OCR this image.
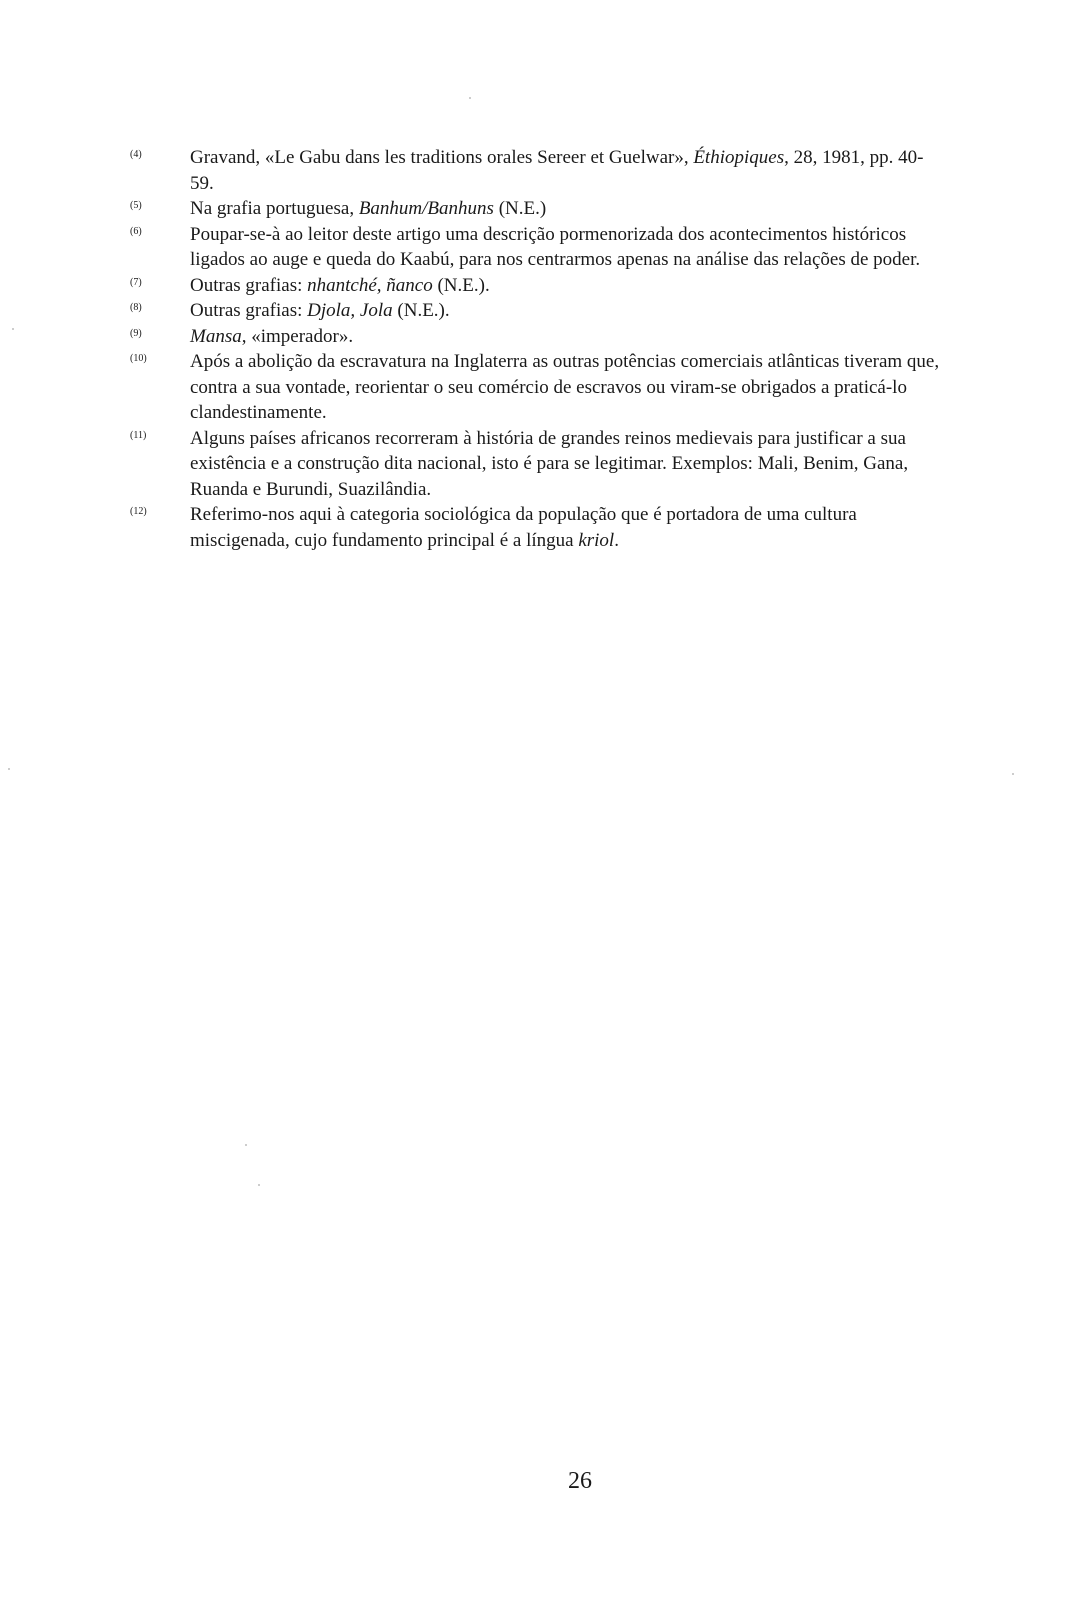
(4)	Gravand, «Le Gabu dans les traditions orales Sereer et Guelwar», Éthiopiques, 28, 1981, pp. 40-59.
(5)	Na grafia portuguesa, Banhum/Banhuns (N.E.)
(6)	Poupar-se-à ao leitor deste artigo uma descrição pormenorizada dos acontecimentos históricos ligados ao auge e queda do Kaabú, para nos centrarmos apenas na análise das relações de poder.
(7)	Outras grafias: nhantché, ñanco (N.E.).
(8)	Outras grafias: Djola, Jola (N.E.).
(9)	Mansa, «imperador».
(10)	Após a abolição da escravatura na Inglaterra as outras potências comerciais atlânticas tiveram que, contra a sua vontade, reorientar o seu comércio de escravos ou viram-se obrigados a praticá-lo clandestinamente.
(11)	Alguns países africanos recorreram à história de grandes reinos medievais para justificar a sua existência e a construção dita nacional, isto é para se legitimar. Exemplos: Mali, Benim, Gana, Ruanda e Burundi, Suazilândia.
(12)	Referimo-nos aqui à categoria sociológica da população que é portadora de uma cultura miscigenada, cujo fundamento principal é a língua kriol.
26
